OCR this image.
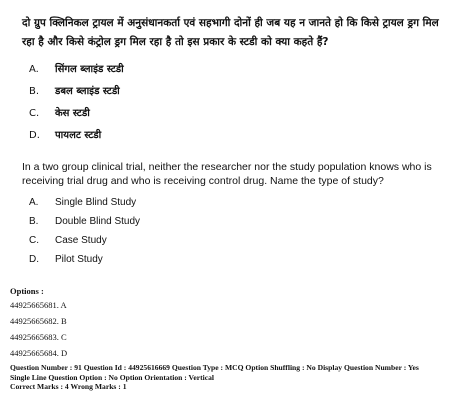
दो ग्रुप क्लिनिकल ट्रायल में अनुसंधानकर्ता एवं सहभागी दोनों ही जब यह न जानते हो कि किसे ट्रायल ड्रग मिल रहा है और किसे कंट्रोल ड्रग मिल रहा है तो इस प्रकार के स्टडी को क्या कहते हैं?

A. सिंगल ब्लाइंड स्टडी
B. डबल ब्लाइंड स्टडी
C. केस स्टडी
D. पायलट स्टडी

In a two group clinical trial, neither the researcher nor the study population knows who is receiving trial drug and who is receiving control drug. Name the type of study?

A. Single Blind Study
B. Double Blind Study
C. Case Study
D. Pilot Study
Options :
44925665681. A
44925665682. B
44925665683. C
44925665684. D
Question Number : 91 Question Id : 44925616669 Question Type : MCQ Option Shuffling : No Display Question Number : Yes
Single Line Question Option : No Option Orientation : Vertical
Correct Marks : 4 Wrong Marks : 1
